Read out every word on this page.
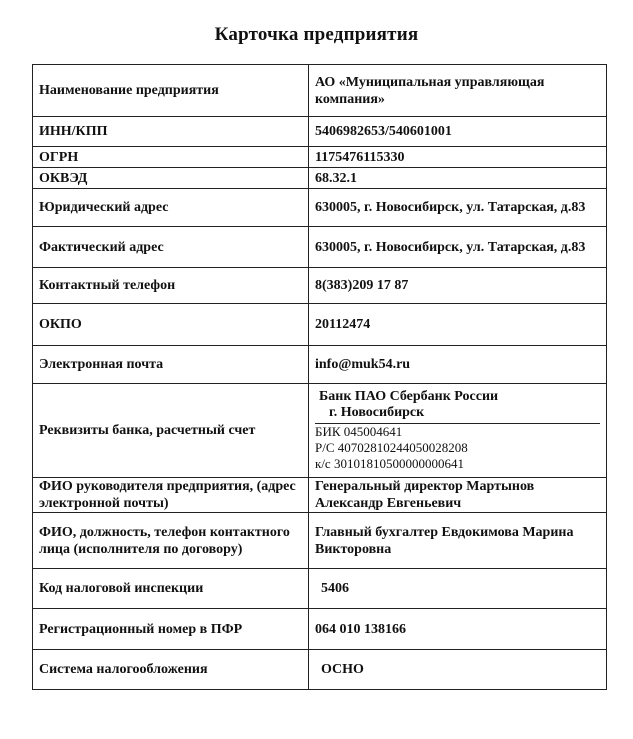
Карточка предприятия
Наименование предприятия	АО «Муниципальная управляющая компания»
ИНН/КПП	5406982653/540601001
ОГРН	1175476115330
ОКВЭД	68.32.1
Юридический адрес	630005, г. Новосибирск, ул. Татарская, д.83
Фактический адрес	630005, г. Новосибирск, ул. Татарская, д.83
Контактный телефон	8(383)209 17 87
ОКПО	20112474
Электронная почта	info@muk54.ru
Реквизиты банка, расчетный счет	Банк ПАО Сбербанк России
г. Новосибирск
БИК 045004641
Р/С 40702810244050028208
к/с 30101810500000000641

ФИО руководителя предприятия, (адрес электронной почты)	Генеральный директор Мартынов Александр Евгеньевич
ФИО, должность, телефон контактного лица (исполнителя по договору)	Главный бухгалтер Евдокимова Марина Викторовна
Код налоговой инспекции	5406
Регистрационный номер в ПФР	064 010 138166
Система налогообложения	ОСНО
